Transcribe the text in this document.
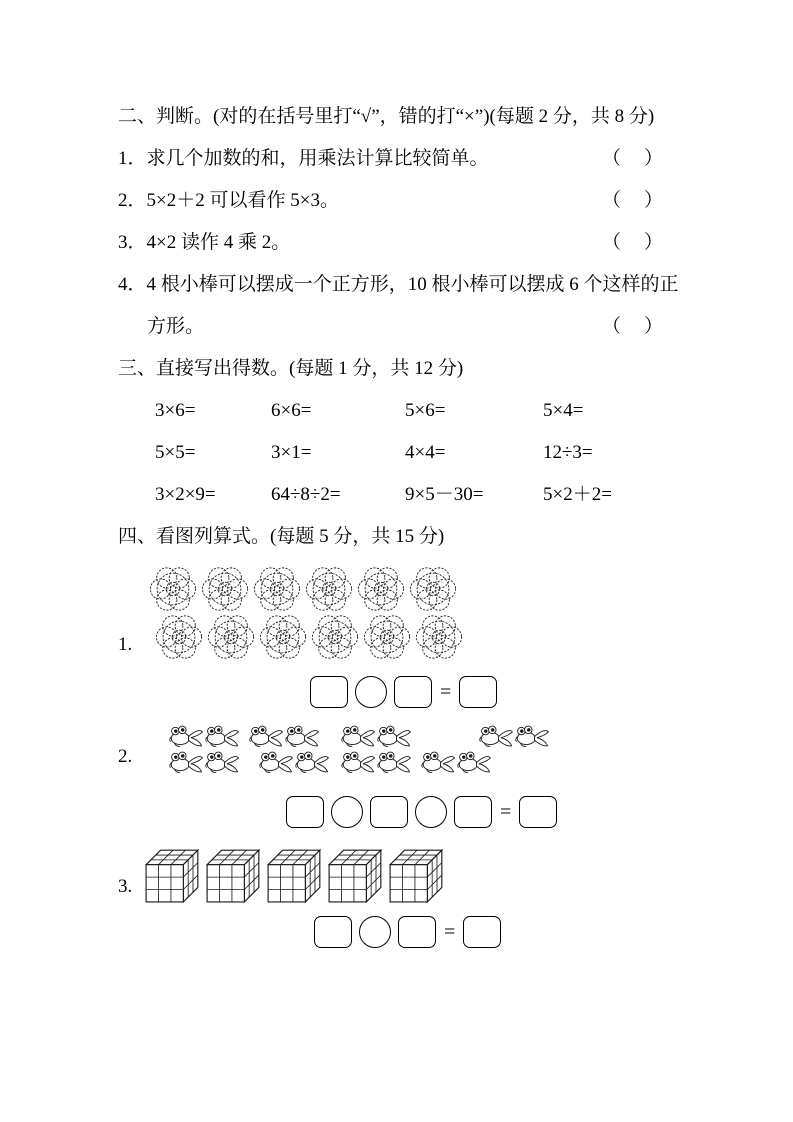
二、判断。(对的在括号里打“√”，错的打“×”)(每题 2 分，共 8 分)
1． 求几个加数的和，用乘法计算比较简单。	（　）
2． 5×2＋2 可以看作 5×3。	（　）
3． 4×2 读作 4 乘 2。	（　）
4． 4 根小棒可以摆成一个正方形，10 根小棒可以摆成 6 个这样的正
方形。	（　）
三、直接写出得数。(每题 1 分，共 12 分)
3×6=	6×6=	5×6=	5×4=
5×5=	3×1=	4×4=	12÷3=
3×2×9=	64÷8÷2=	9×5－30=	5×2＋2=
四、看图列算式。(每题 5 分，共 15 分)
1.
=
2.
=
3.
=
